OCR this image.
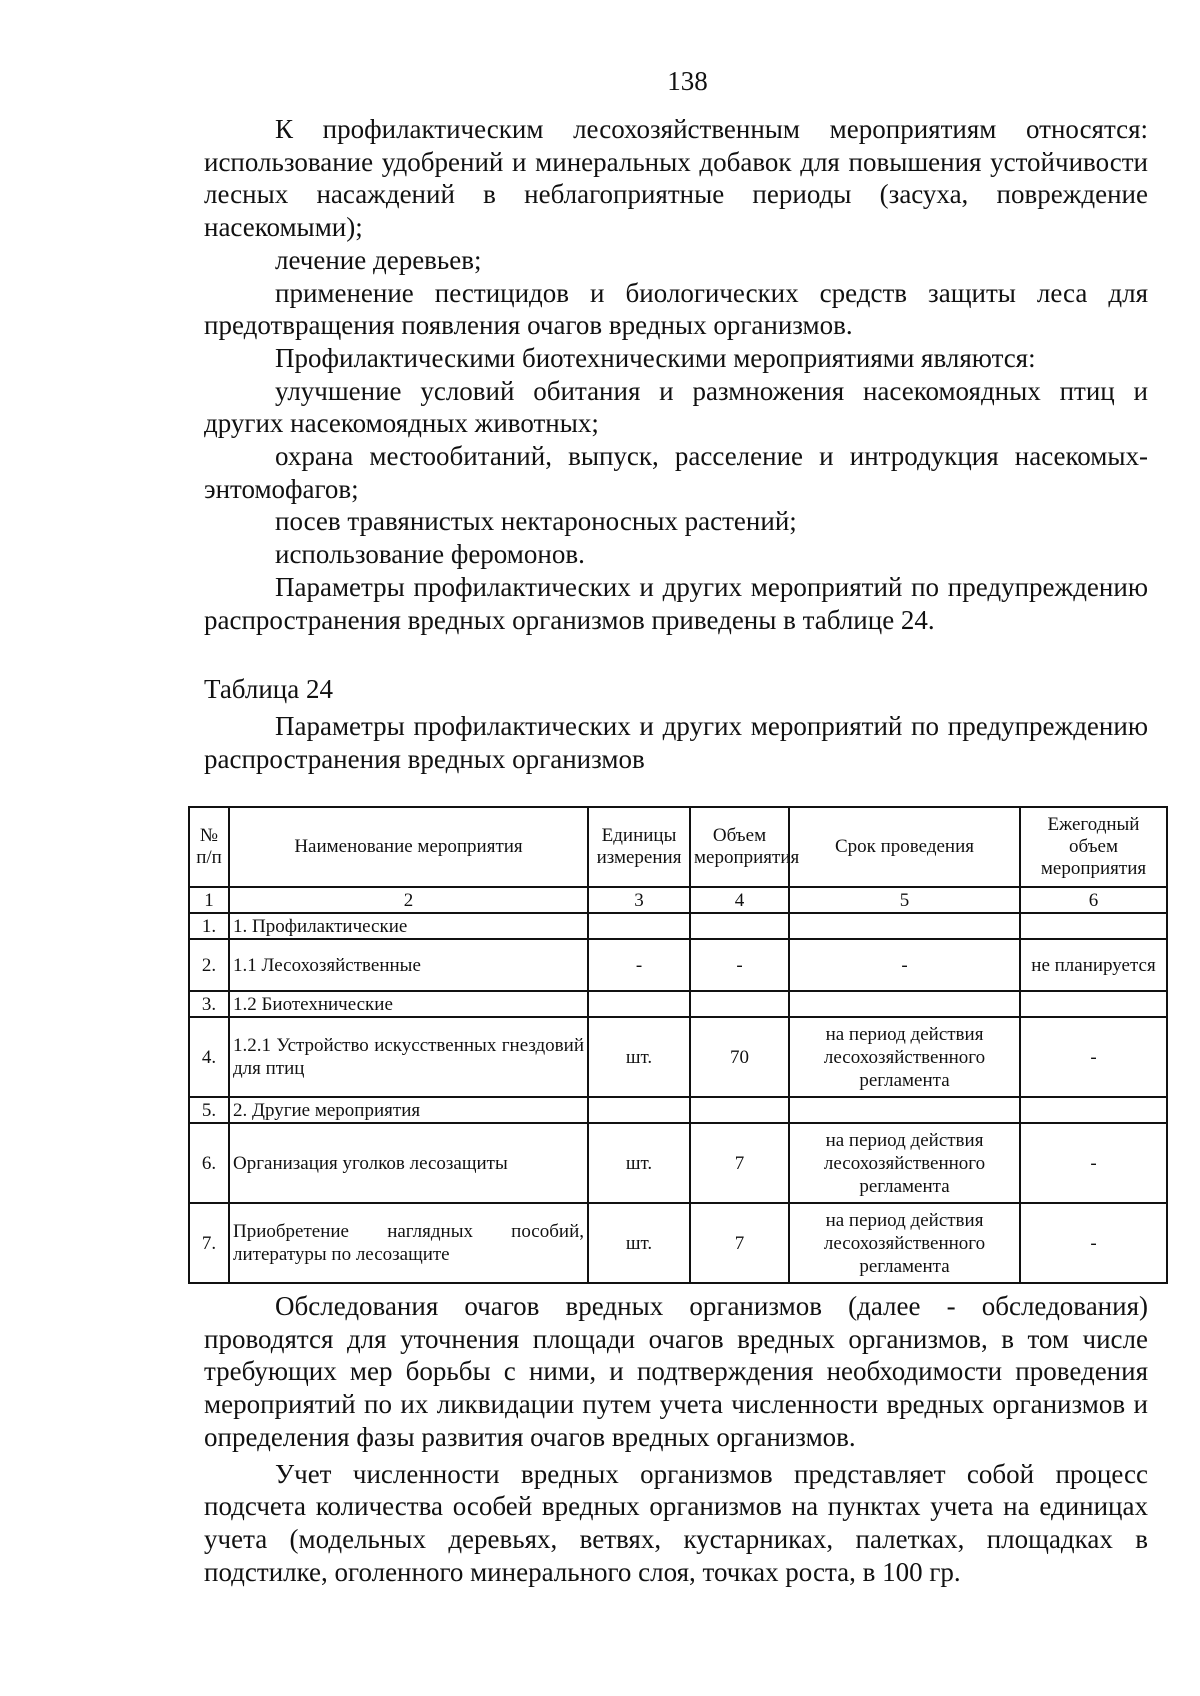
138

К профилактическим лесохозяйственным мероприятиям относятся: использование удобрений и минеральных добавок для повышения устойчивости лесных насаждений в неблагоприятные периоды (засуха, повреждение насекомыми);

лечение деревьев;

применение пестицидов и биологических средств защиты леса для предотвращения появления очагов вредных организмов.

Профилактическими биотехническими мероприятиями являются:

улучшение условий обитания и размножения насекомоядных птиц и других насекомоядных животных;

охрана местообитаний, выпуск, расселение и интродукция насекомых-энтомофагов;

посев травянистых нектароносных растений;

использование феромонов.

Параметры профилактических и других мероприятий по предупреждению распространения вредных организмов приведены в таблице 24.

Таблица 24

Параметры профилактических и других мероприятий по предупреждению распространения вредных организмов

№ п/п	Наименование мероприятия	Единицы измерения	Объем мероприятия	Срок проведения	Ежегодный объем мероприятия
1	2	3	4	5	6
1.	1. Профилактические				
2.	1.1 Лесохозяйственные	-	-	-	не планируется
3.	1.2 Биотехнические				
4.	1.2.1 Устройство искусственных гнездовий для птиц	шт.	70	на период действия лесохозяйственного регламента	-
5.	2. Другие мероприятия				
6.	Организация уголков лесозащиты	шт.	7	на период действия лесохозяйственного регламента	-
7.	Приобретение наглядных пособий, литературы по лесозащите	шт.	7	на период действия лесохозяйственного регламента	-

Обследования очагов вредных организмов (далее - обследования) проводятся для уточнения площади очагов вредных организмов, в том числе требующих мер борьбы с ними, и подтверждения необходимости проведения мероприятий по их ликвидации путем учета численности вредных организмов и определения фазы развития очагов вредных организмов.

Учет численности вредных организмов представляет собой процесс подсчета количества особей вредных организмов на пунктах учета на единицах учета (модельных деревьях, ветвях, кустарниках, палетках, площадках в подстилке, оголенного минерального слоя, точках роста, в 100 гр.
